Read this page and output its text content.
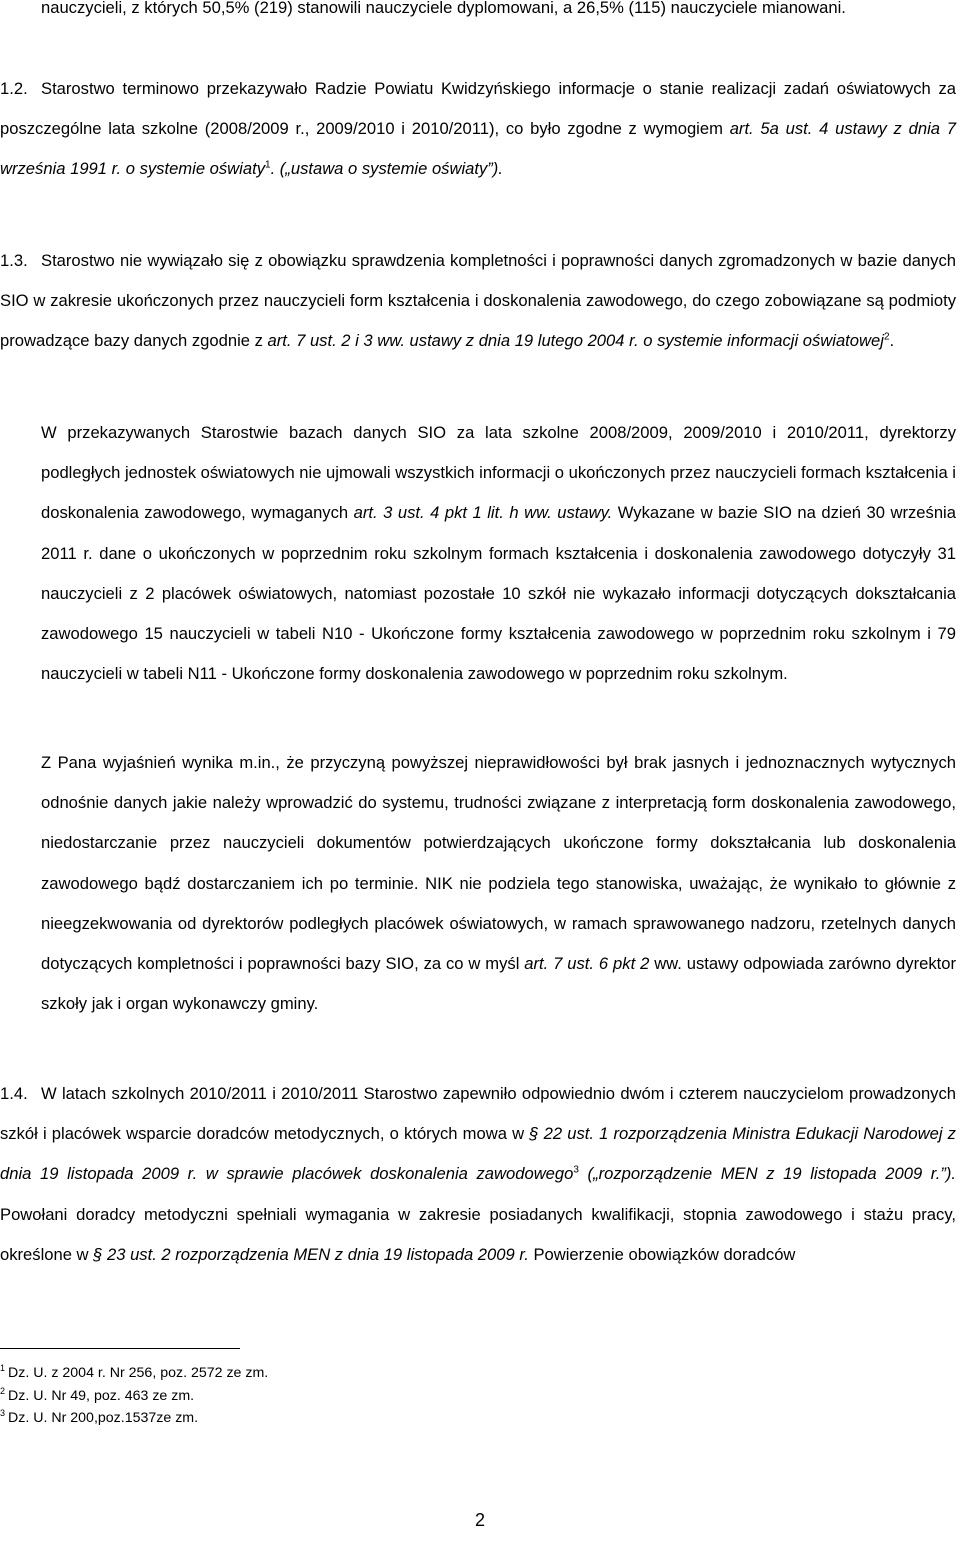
nauczycieli, z których 50,5% (219) stanowili nauczyciele dyplomowani, a 26,5% (115) nauczyciele mianowani.

1.2. Starostwo terminowo przekazywało Radzie Powiatu Kwidzyńskiego informacje o stanie realizacji zadań oświatowych za poszczególne lata szkolne (2008/2009 r., 2009/2010 i 2010/2011), co było zgodne z wymogiem art. 5a ust. 4 ustawy z dnia 7 września 1991 r. o systemie oświaty$^1$. („ustawa o systemie oświaty”).

1.3. Starostwo nie wywiązało się z obowiązku sprawdzenia kompletności i poprawności danych zgromadzonych w bazie danych SIO w zakresie ukończonych przez nauczycieli form kształcenia i doskonalenia zawodowego, do czego zobowiązane są podmioty prowadzące bazy danych zgodnie z art. 7 ust. 2 i 3 ww. ustawy z dnia 19 lutego 2004 r. o systemie informacji oświatowej$^2$.

W przekazywanych Starostwie bazach danych SIO za lata szkolne 2008/2009, 2009/2010 i 2010/2011, dyrektorzy podległych jednostek oświatowych nie ujmowali wszystkich informacji o ukończonych przez nauczycieli formach kształcenia i doskonalenia zawodowego, wymaganych art. 3 ust. 4 pkt 1 lit. h ww. ustawy. Wykazane w bazie SIO na dzień 30 września 2011 r. dane o ukończonych w poprzednim roku szkolnym formach kształcenia i doskonalenia zawodowego dotyczyły 31 nauczycieli z 2 placówek oświatowych, natomiast pozostałe 10 szkół nie wykazało informacji dotyczących dokształcania zawodowego 15 nauczycieli w tabeli N10 - Ukończone formy kształcenia zawodowego w poprzednim roku szkolnym i 79 nauczycieli w tabeli N11 - Ukończone formy doskonalenia zawodowego w poprzednim roku szkolnym.

Z Pana wyjaśnień wynika m.in., że przyczyną powyższej nieprawidłowości był brak jasnych i jednoznacznych wytycznych odnośnie danych jakie należy wprowadzić do systemu, trudności związane z interpretacją form doskonalenia zawodowego, niedostarczanie przez nauczycieli dokumentów potwierdzających ukończone formy dokształcania lub doskonalenia zawodowego bądź dostarczaniem ich po terminie. NIK nie podziela tego stanowiska, uważając, że wynikało to głównie z nieegzekwowania od dyrektorów podległych placówek oświatowych, w ramach sprawowanego nadzoru, rzetelnych danych dotyczących kompletności i poprawności bazy SIO, za co w myśl art. 7 ust. 6 pkt 2 ww. ustawy odpowiada zarówno dyrektor szkoły jak i organ wykonawczy gminy.

1.4. W latach szkolnych 2010/2011 i 2010/2011 Starostwo zapewniło odpowiednio dwóm i czterem nauczycielom prowadzonych szkół i placówek wsparcie doradców metodycznych, o których mowa w § 22 ust. 1 rozporządzenia Ministra Edukacji Narodowej z dnia 19 listopada 2009 r. w sprawie placówek doskonalenia zawodowego$^3$ („rozporządzenie MEN z 19 listopada 2009 r.”). Powołani doradcy metodyczni spełniali wymagania w zakresie posiadanych kwalifikacji, stopnia zawodowego i stażu pracy, określone w § 23 ust. 2 rozporządzenia MEN z dnia 19 listopada 2009 r. Powierzenie obowiązków doradców

$^1$ Dz. U. z 2004 r. Nr 256, poz. 2572 ze zm.
$^2$ Dz. U. Nr 49, poz. 463 ze zm.
$^3$ Dz. U. Nr 200,poz.1537ze zm.
2
